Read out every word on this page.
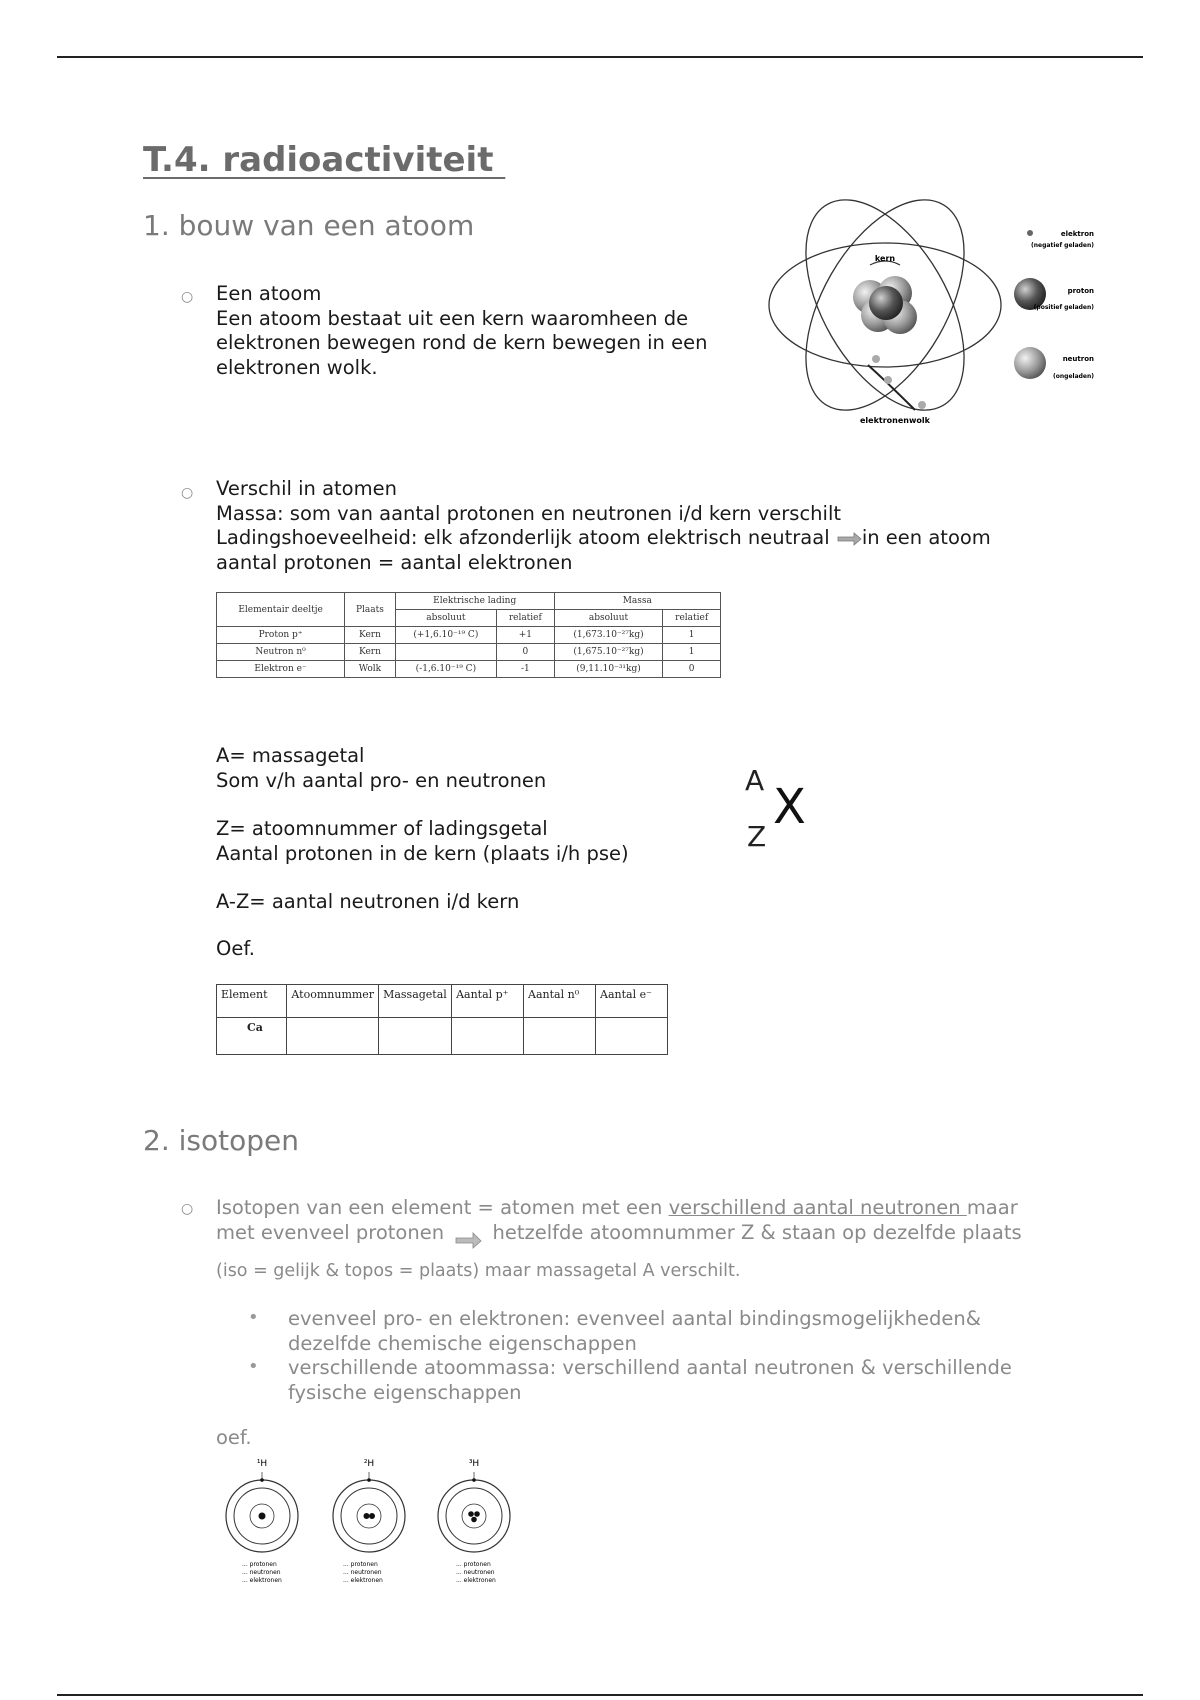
T.4. radioactiviteit
1. bouw van een atoom
○ Een atoom
Een atoom bestaat uit een kern waaromheen de
elektronen bewegen rond de kern bewegen in een
elektronen wolk.
kern
elektronenwolk
elektron
(negatief geladen)
proton
(positief geladen)
neutron
(ongeladen)
○ Verschil in atomen
Massa: som van aantal protonen en neutronen i/d kern verschilt
Ladingshoeveelheid: elk afzonderlijk atoom elektrisch neutraal in een atoom
aantal protonen = aantal elektronen
Elementair deeltje	Plaats	Elektrische lading		Massa	
		absoluut	relatief	absoluut	relatief
Proton p⁺	Kern	(+1,6.10⁻¹⁹ C)	+1	(1,673.10⁻²⁷kg)	1
Neutron n⁰	Kern		0	(1,675.10⁻²⁷kg)	1
Elektron e⁻	Wolk	(-1,6.10⁻¹⁹ C)	-1	(9,11.10⁻³¹kg)	0
A= massagetal
Som v/h aantal pro- en neutronen
Z= atoomnummer of ladingsgetal
Aantal protonen in de kern (plaats i/h pse)
A-Z= aantal neutronen i/d kern
Oef.
A
Z
X
Element	Atoomnummer	Massagetal	Aantal p⁺	Aantal n⁰	Aantal e⁻
Ca					
2. isotopen
○ Isotopen van een element = atomen met een verschillend aantal neutronen maar
met evenveel protonen hetzelfde atoomnummer Z & staan op dezelfde plaats
(iso = gelijk & topos = plaats) maar massagetal A verschilt.
• evenveel pro- en elektronen: evenveel aantal bindingsmogelijkheden&
dezelfde chemische eigenschappen
• verschillende atoommassa: verschillend aantal neutronen & verschillende
fysische eigenschappen
oef.
¹H
... protonen
... neutronen
... elektronen
²H
... protonen
... neutronen
... elektronen
³H
... protonen
... neutronen
... elektronen
